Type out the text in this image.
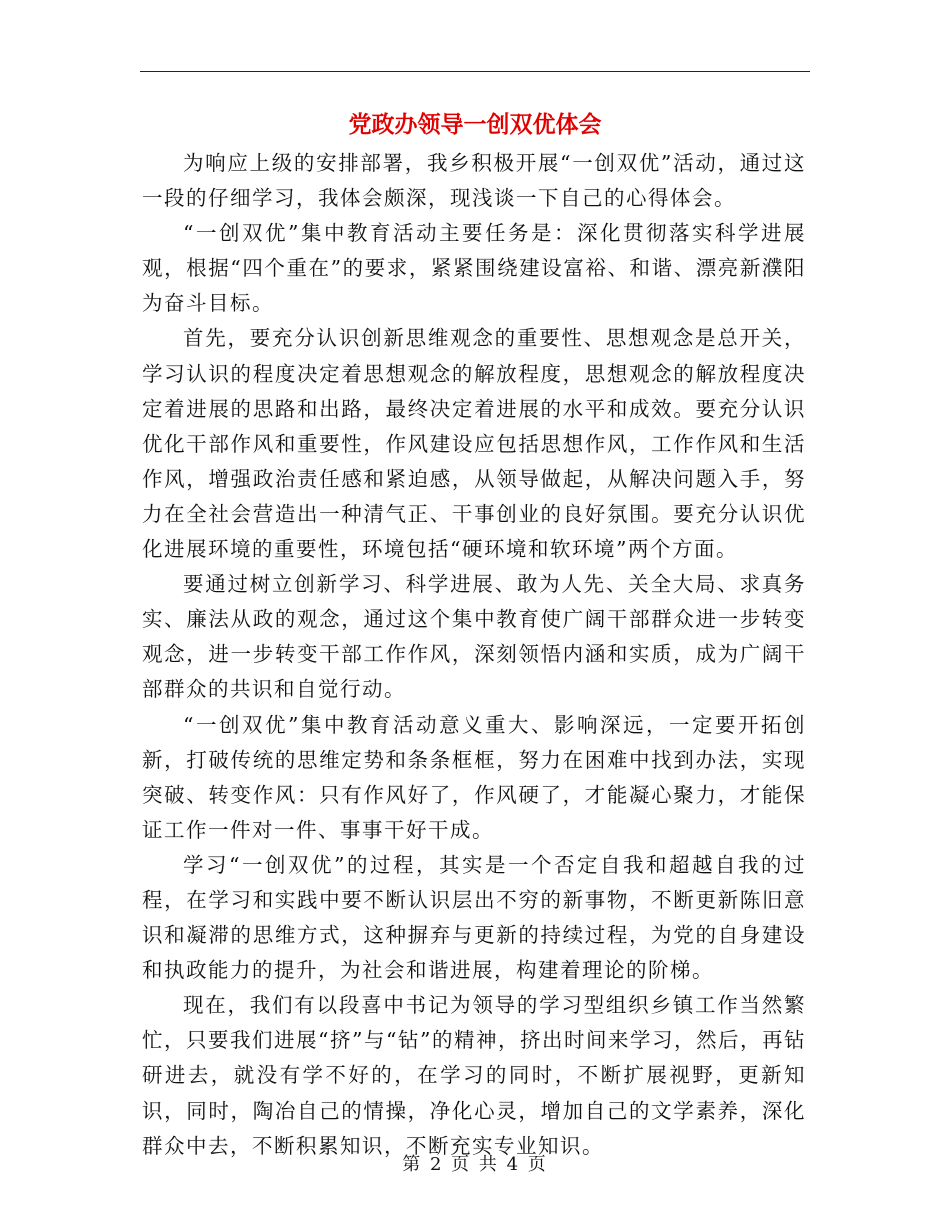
党政办领导一创双优体会

为响应上级的安排部署，我乡积极开展“一创双优”活动，通过这一段的仔细学习，我体会颇深，现浅谈一下自己的心得体会。

“一创双优”集中教育活动主要任务是：深化贯彻落实科学进展观，根据“四个重在”的要求，紧紧围绕建设富裕、和谐、漂亮新濮阳为奋斗目标。

首先，要充分认识创新思维观念的重要性、思想观念是总开关，学习认识的程度决定着思想观念的解放程度，思想观念的解放程度决定着进展的思路和出路，最终决定着进展的水平和成效。要充分认识优化干部作风和重要性，作风建设应包括思想作风，工作作风和生活作风，增强政治责任感和紧迫感，从领导做起，从解决问题入手，努力在全社会营造出一种清气正、干事创业的良好氛围。要充分认识优化进展环境的重要性，环境包括“硬环境和软环境”两个方面。

要通过树立创新学习、科学进展、敢为人先、关全大局、求真务实、廉法从政的观念，通过这个集中教育使广阔干部群众进一步转变观念，进一步转变干部工作作风，深刻领悟内涵和实质，成为广阔干部群众的共识和自觉行动。

“一创双优”集中教育活动意义重大、影响深远，一定要开拓创新，打破传统的思维定势和条条框框，努力在困难中找到办法，实现突破、转变作风：只有作风好了，作风硬了，才能凝心聚力，才能保证工作一件对一件、事事干好干成。

学习“一创双优”的过程，其实是一个否定自我和超越自我的过程，在学习和实践中要不断认识层出不穷的新事物，不断更新陈旧意识和凝滞的思维方式，这种摒弃与更新的持续过程，为党的自身建设和执政能力的提升，为社会和谐进展，构建着理论的阶梯。

现在，我们有以段喜中书记为领导的学习型组织乡镇工作当然繁忙，只要我们进展“挤”与“钻”的精神，挤出时间来学习，然后，再钻研进去，就没有学不好的，在学习的同时，不断扩展视野，更新知识，同时，陶冶自己的情操，净化心灵，增加自己的文学素养，深化群众中去，不断积累知识，不断充实专业知识。

第 2 页 共 4 页
